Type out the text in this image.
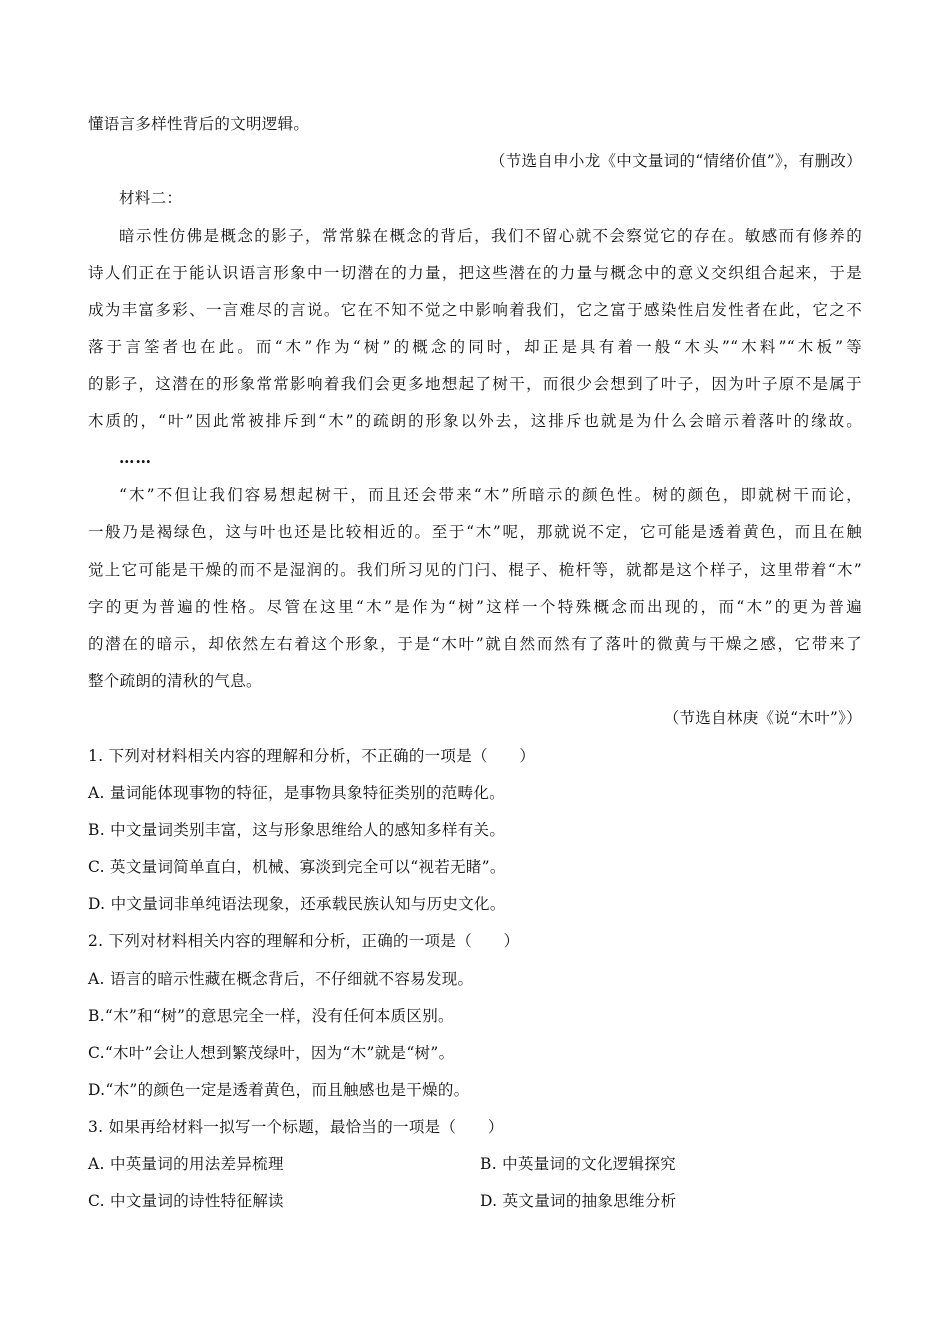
懂语言多样性背后的文明逻辑。
（节选自申小龙《中文量词的“情绪价值”》，有删改）
材料二：
暗示性仿佛是概念的影子，常常躲在概念的背后，我们不留心就不会察觉它的存在。敏感而有修养的
诗人们正在于能认识语言形象中一切潜在的力量，把这些潜在的力量与概念中的意义交织组合起来，于是
成为丰富多彩、一言难尽的言说。它在不知不觉之中影响着我们，它之富于感染性启发性者在此，它之不
落于言筌者也在此。而“木”作为“树”的概念的同时，却正是具有着一般“木头”“木料”“木板”等
的影子，这潜在的形象常常影响着我们会更多地想起了树干，而很少会想到了叶子，因为叶子原不是属于
木质的，“叶”因此常被排斥到“木”的疏朗的形象以外去，这排斥也就是为什么会暗示着落叶的缘故。
……
“木”不但让我们容易想起树干，而且还会带来“木”所暗示的颜色性。树的颜色，即就树干而论，
一般乃是褐绿色，这与叶也还是比较相近的。至于“木”呢，那就说不定，它可能是透着黄色，而且在触
觉上它可能是干燥的而不是湿润的。我们所习见的门闩、棍子、桅杆等，就都是这个样子，这里带着“木”
字的更为普遍的性格。尽管在这里“木”是作为“树”这样一个特殊概念而出现的，而“木”的更为普遍
的潜在的暗示，却依然左右着这个形象，于是“木叶”就自然而然有了落叶的微黄与干燥之感，它带来了
整个疏朗的清秋的气息。
（节选自林庚《说“木叶”》）
1. 下列对材料相关内容的理解和分析，不正确的一项是（　　）
A. 量词能体现事物的特征，是事物具象特征类别的范畴化。
B. 中文量词类别丰富，这与形象思维给人的感知多样有关。
C. 英文量词简单直白，机械、寡淡到完全可以“视若无睹”。
D. 中文量词非单纯语法现象，还承载民族认知与历史文化。
2. 下列对材料相关内容的理解和分析，正确的一项是（　　）
A. 语言的暗示性藏在概念背后，不仔细就不容易发现。
B.“木”和“树”的意思完全一样，没有任何本质区别。
C.“木叶”会让人想到繁茂绿叶，因为“木”就是“树”。
D.“木”的颜色一定是透着黄色，而且触感也是干燥的。
3. 如果再给材料一拟写一个标题，最恰当的一项是（　　）
A. 中英量词的用法差异梳理	B. 中英量词的文化逻辑探究
C. 中文量词的诗性特征解读	D. 英文量词的抽象思维分析
